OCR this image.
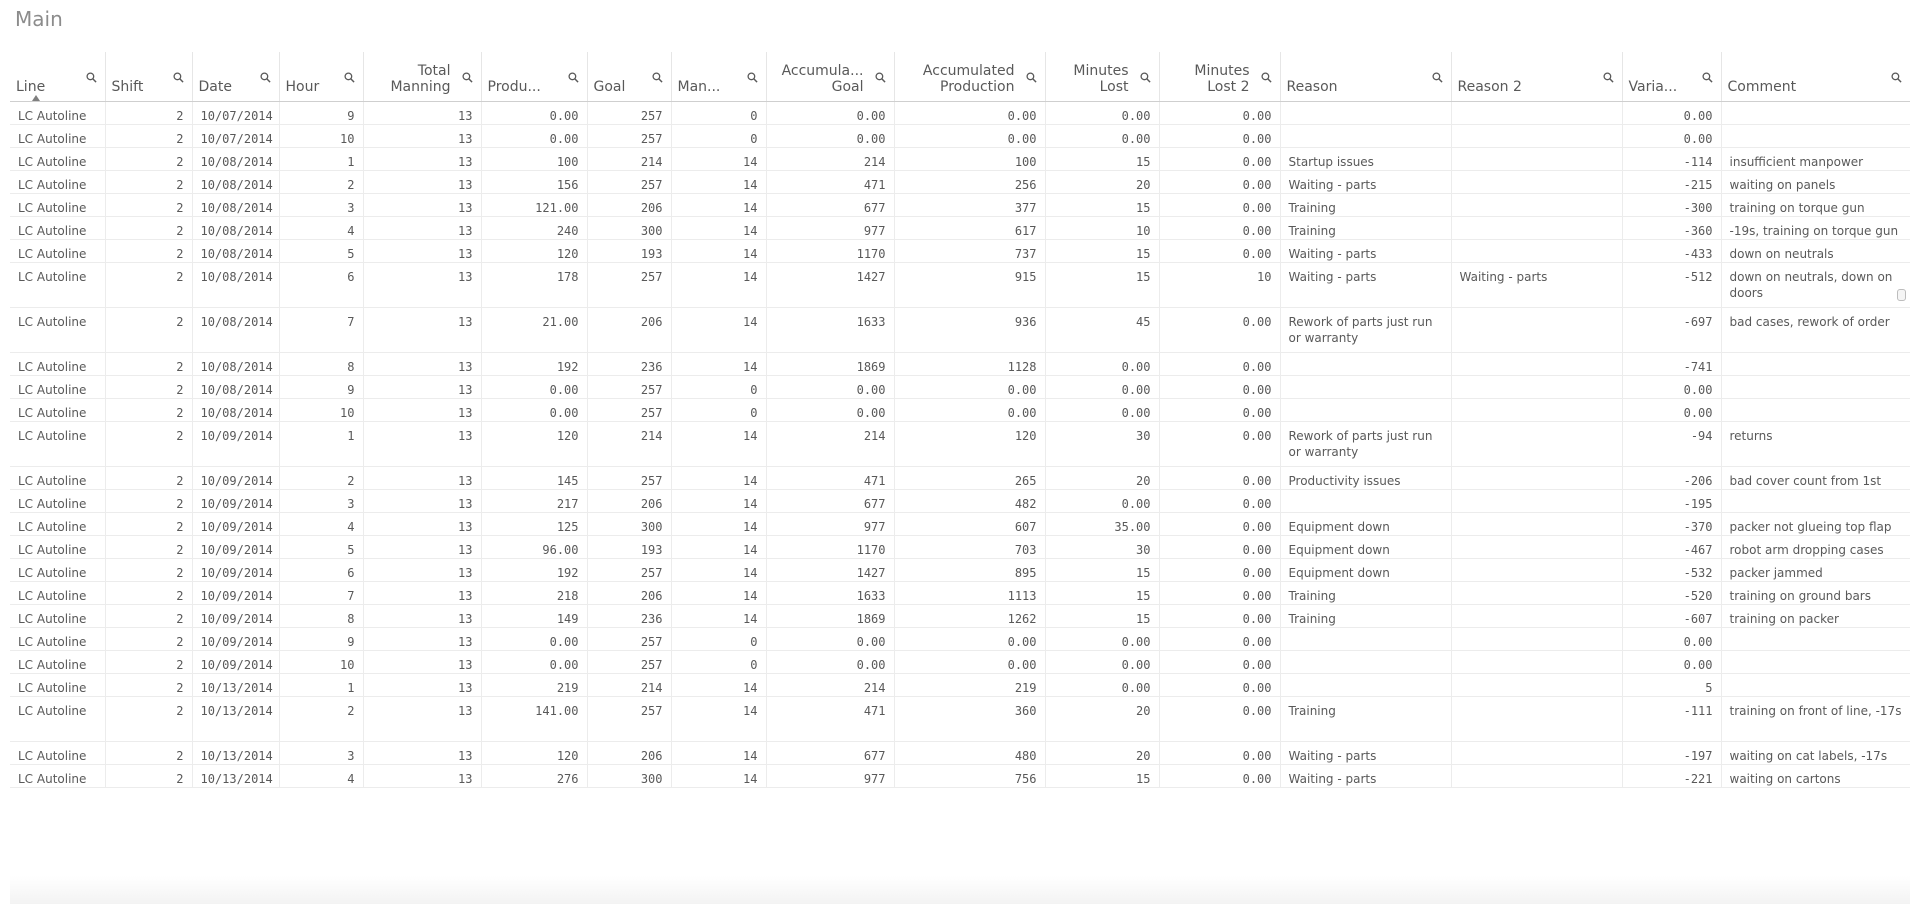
Main
Line	Shift	Date	Hour	Total Manning	Produ...	Goal	Man...	Accumula... Goal	Accumulated Production	Minutes Lost	Minutes Lost 2	Reason	Reason 2	Varia...	Comment

LC Autoline	2	10/07/2014	9	13	0.00	257	0	0.00	0.00	0.00	0.00			0.00	
LC Autoline	2	10/07/2014	10	13	0.00	257	0	0.00	0.00	0.00	0.00			0.00	
LC Autoline	2	10/08/2014	1	13	100	214	14	214	100	15	0.00	Startup issues		-114	insufficient manpower
LC Autoline	2	10/08/2014	2	13	156	257	14	471	256	20	0.00	Waiting - parts		-215	waiting on panels
LC Autoline	2	10/08/2014	3	13	121.00	206	14	677	377	15	0.00	Training		-300	training on torque gun
LC Autoline	2	10/08/2014	4	13	240	300	14	977	617	10	0.00	Training		-360	-19s, training on torque gun
LC Autoline	2	10/08/2014	5	13	120	193	14	1170	737	15	0.00	Waiting - parts		-433	down on neutrals
LC Autoline	2	10/08/2014	6	13	178	257	14	1427	915	15	10	Waiting - parts	Waiting - parts	-512	down on neutrals, down on doors
LC Autoline	2	10/08/2014	7	13	21.00	206	14	1633	936	45	0.00	Rework of parts just run or warranty		-697	bad cases, rework of order
LC Autoline	2	10/08/2014	8	13	192	236	14	1869	1128	0.00	0.00			-741	
LC Autoline	2	10/08/2014	9	13	0.00	257	0	0.00	0.00	0.00	0.00			0.00	
LC Autoline	2	10/08/2014	10	13	0.00	257	0	0.00	0.00	0.00	0.00			0.00	
LC Autoline	2	10/09/2014	1	13	120	214	14	214	120	30	0.00	Rework of parts just run or warranty		-94	returns
LC Autoline	2	10/09/2014	2	13	145	257	14	471	265	20	0.00	Productivity issues		-206	bad cover count from 1st
LC Autoline	2	10/09/2014	3	13	217	206	14	677	482	0.00	0.00			-195	
LC Autoline	2	10/09/2014	4	13	125	300	14	977	607	35.00	0.00	Equipment down		-370	packer not glueing top flap
LC Autoline	2	10/09/2014	5	13	96.00	193	14	1170	703	30	0.00	Equipment down		-467	robot arm dropping cases
LC Autoline	2	10/09/2014	6	13	192	257	14	1427	895	15	0.00	Equipment down		-532	packer jammed
LC Autoline	2	10/09/2014	7	13	218	206	14	1633	1113	15	0.00	Training		-520	training on ground bars
LC Autoline	2	10/09/2014	8	13	149	236	14	1869	1262	15	0.00	Training		-607	training on packer
LC Autoline	2	10/09/2014	9	13	0.00	257	0	0.00	0.00	0.00	0.00			0.00	
LC Autoline	2	10/09/2014	10	13	0.00	257	0	0.00	0.00	0.00	0.00			0.00	
LC Autoline	2	10/13/2014	1	13	219	214	14	214	219	0.00	0.00			5	
LC Autoline	2	10/13/2014	2	13	141.00	257	14	471	360	20	0.00	Training		-111	training on front of line, -17s
LC Autoline	2	10/13/2014	3	13	120	206	14	677	480	20	0.00	Waiting - parts		-197	waiting on cat labels, -17s
LC Autoline	2	10/13/2014	4	13	276	300	14	977	756	15	0.00	Waiting - parts		-221	waiting on cartons
